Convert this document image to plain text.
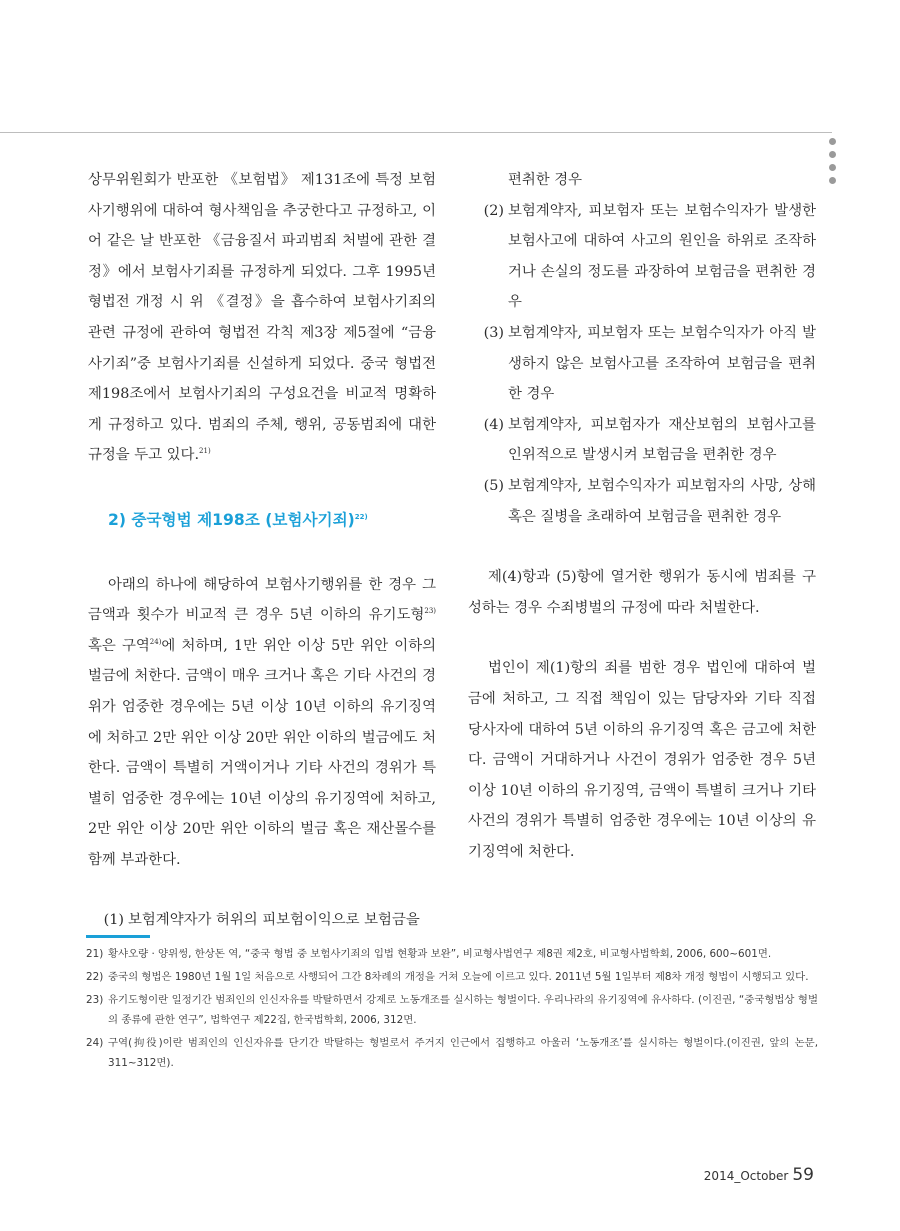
상무위원회가 반포한 《보험법》 제131조에 특정 보험사기행위에 대하여 형사책임을 추궁한다고 규정하고, 이어 같은 날 반포한 《금융질서 파괴범죄 처벌에 관한 결정》에서 보험사기죄를 규정하게 되었다. 그후 1995년 형법전 개정 시 위 《결정》을 흡수하여 보험사기죄의 관련 규정에 관하여 형법전 각칙 제3장 제5절에 “금융사기죄”중 보험사기죄를 신설하게 되었다. 중국 형법전 제198조에서 보험사기죄의 구성요건을 비교적 명확하게 규정하고 있다. 범죄의 주체, 행위, 공동범죄에 대한 규정을 두고 있다.$^{21)}$

2) 중국형법 제198조 (보험사기죄)$^{22)}$

아래의 하나에 해당하여 보험사기행위를 한 경우 그 금액과 횟수가 비교적 큰 경우 5년 이하의 유기도형$^{23)}$ 혹은 구역$^{24)}$에 처하며, 1만 위안 이상 5만 위안 이하의 벌금에 처한다. 금액이 매우 크거나 혹은 기타 사건의 경위가 엄중한 경우에는 5년 이상 10년 이하의 유기징역에 처하고 2만 위안 이상 20만 위안 이하의 벌금에도 처한다. 금액이 특별히 거액이거나 기타 사건의 경위가 특별히 엄중한 경우에는 10년 이상의 유기징역에 처하고, 2만 위안 이상 20만 위안 이하의 벌금 혹은 재산몰수를 함께 부과한다.

(1) 보험계약자가 허위의 피보험이익으로 보험금을

편취한 경우

(2) 보험계약자, 피보험자 또는 보험수익자가 발생한 보험사고에 대하여 사고의 원인을 하위로 조작하거나 손실의 정도를 과장하여 보험금을 편취한 경우
(3) 보험계약자, 피보험자 또는 보험수익자가 아직 발생하지 않은 보험사고를 조작하여 보험금을 편취한 경우
(4) 보험계약자, 피보험자가 재산보험의 보험사고를 인위적으로 발생시켜 보험금을 편취한 경우
(5) 보험계약자, 보험수익자가 피보험자의 사망, 상해 혹은 질병을 초래하여 보험금을 편취한 경우

제(4)항과 (5)항에 열거한 행위가 동시에 범죄를 구성하는 경우 수죄병벌의 규정에 따라 처벌한다.

법인이 제(1)항의 죄를 범한 경우 법인에 대하여 벌금에 처하고, 그 직접 책임이 있는 담당자와 기타 직접 당사자에 대하여 5년 이하의 유기징역 혹은 금고에 처한다. 금액이 거대하거나 사건이 경위가 엄중한 경우 5년 이상 10년 이하의 유기징역, 금액이 특별히 크거나 기타 사건의 경위가 특별히 엄중한 경우에는 10년 이상의 유기징역에 처한다.

21) 황샤오량 · 양위썽, 한상돈 역, “중국 형법 중 보험사기죄의 입법 현황과 보완”, 비교형사법연구 제8권 제2호, 비교형사법학회, 2006, 600~601면.
22) 중국의 형법은 1980년 1월 1일 처음으로 사행되어 그간 8차례의 개정을 거쳐 오늘에 이르고 있다. 2011년 5월 1일부터 제8차 개정 형법이 시행되고 있다.
23) 유기도형이란 일정기간 범죄인의 인신자유를 박탈하면서 강제로 노동개조를 실시하는 형벌이다. 우리나라의 유기징역에 유사하다. (이진권, “중국형법상 형벌의 종류에 관한 연구”, 법학연구 제22집, 한국법학회, 2006, 312면.
24) 구역(拘役)이란 범죄인의 인신자유를 단기간 박탈하는 형벌로서 주거지 인근에서 집행하고 아울러 ‘노동개조’를 실시하는 형벌이다.(이진권, 앞의 논문, 311~312면).
2014_October 59
